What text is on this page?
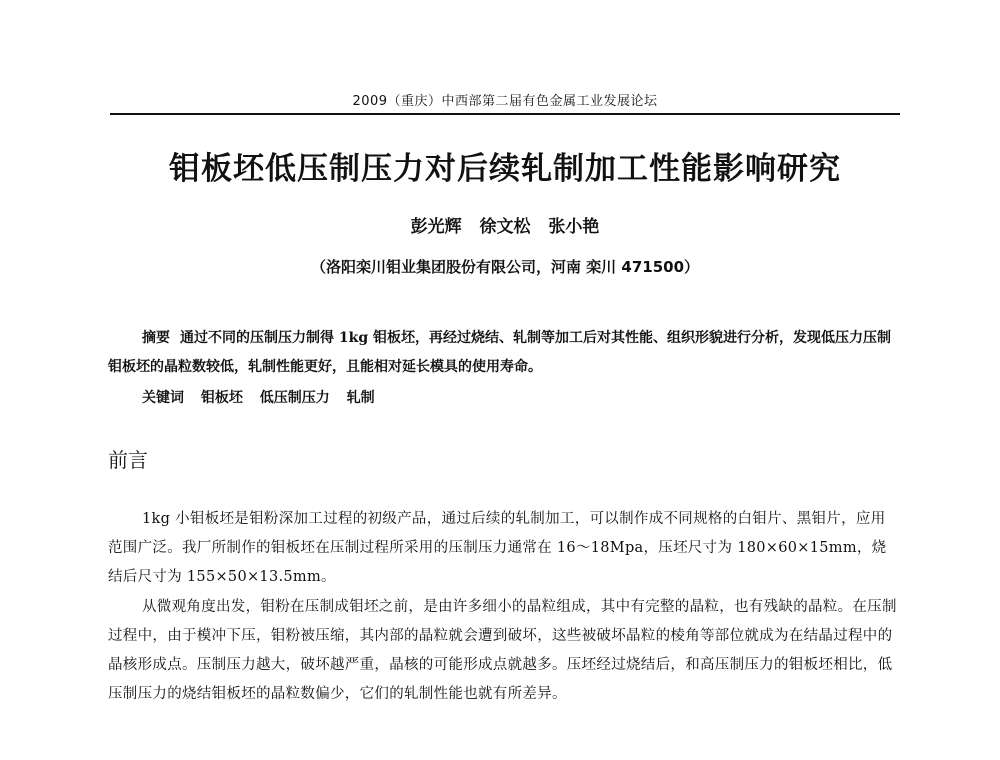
2009（重庆）中西部第二届有色金属工业发展论坛
钼板坯低压制压力对后续轧制加工性能影响研究
彭光辉 徐文松 张小艳
（洛阳栾川钼业集团股份有限公司，河南 栾川 471500）

摘要 通过不同的压制压力制得 1kg 钼板坯，再经过烧结、轧制等加工后对其性能、组织形貌进行分析，发现低压力压制钼板坯的晶粒数较低，轧制性能更好，且能相对延长模具的使用寿命。

关键词 钼板坯 低压制压力 轧制
前言

1kg 小钼板坯是钼粉深加工过程的初级产品，通过后续的轧制加工，可以制作成不同规格的白钼片、黑钼片，应用范围广泛。我厂所制作的钼板坯在压制过程所采用的压制压力通常在 16～18Mpa，压坯尺寸为 180×60×15mm，烧结后尺寸为 155×50×13.5mm。

从微观角度出发，钼粉在压制成钼坯之前，是由许多细小的晶粒组成，其中有完整的晶粒，也有残缺的晶粒。在压制过程中，由于模冲下压，钼粉被压缩，其内部的晶粒就会遭到破坏，这些被破坏晶粒的棱角等部位就成为在结晶过程中的晶核形成点。压制压力越大，破坏越严重，晶核的可能形成点就越多。压坯经过烧结后，和高压制压力的钼板坯相比，低压制压力的烧结钼板坯的晶粒数偏少，它们的轧制性能也就有所差异。
